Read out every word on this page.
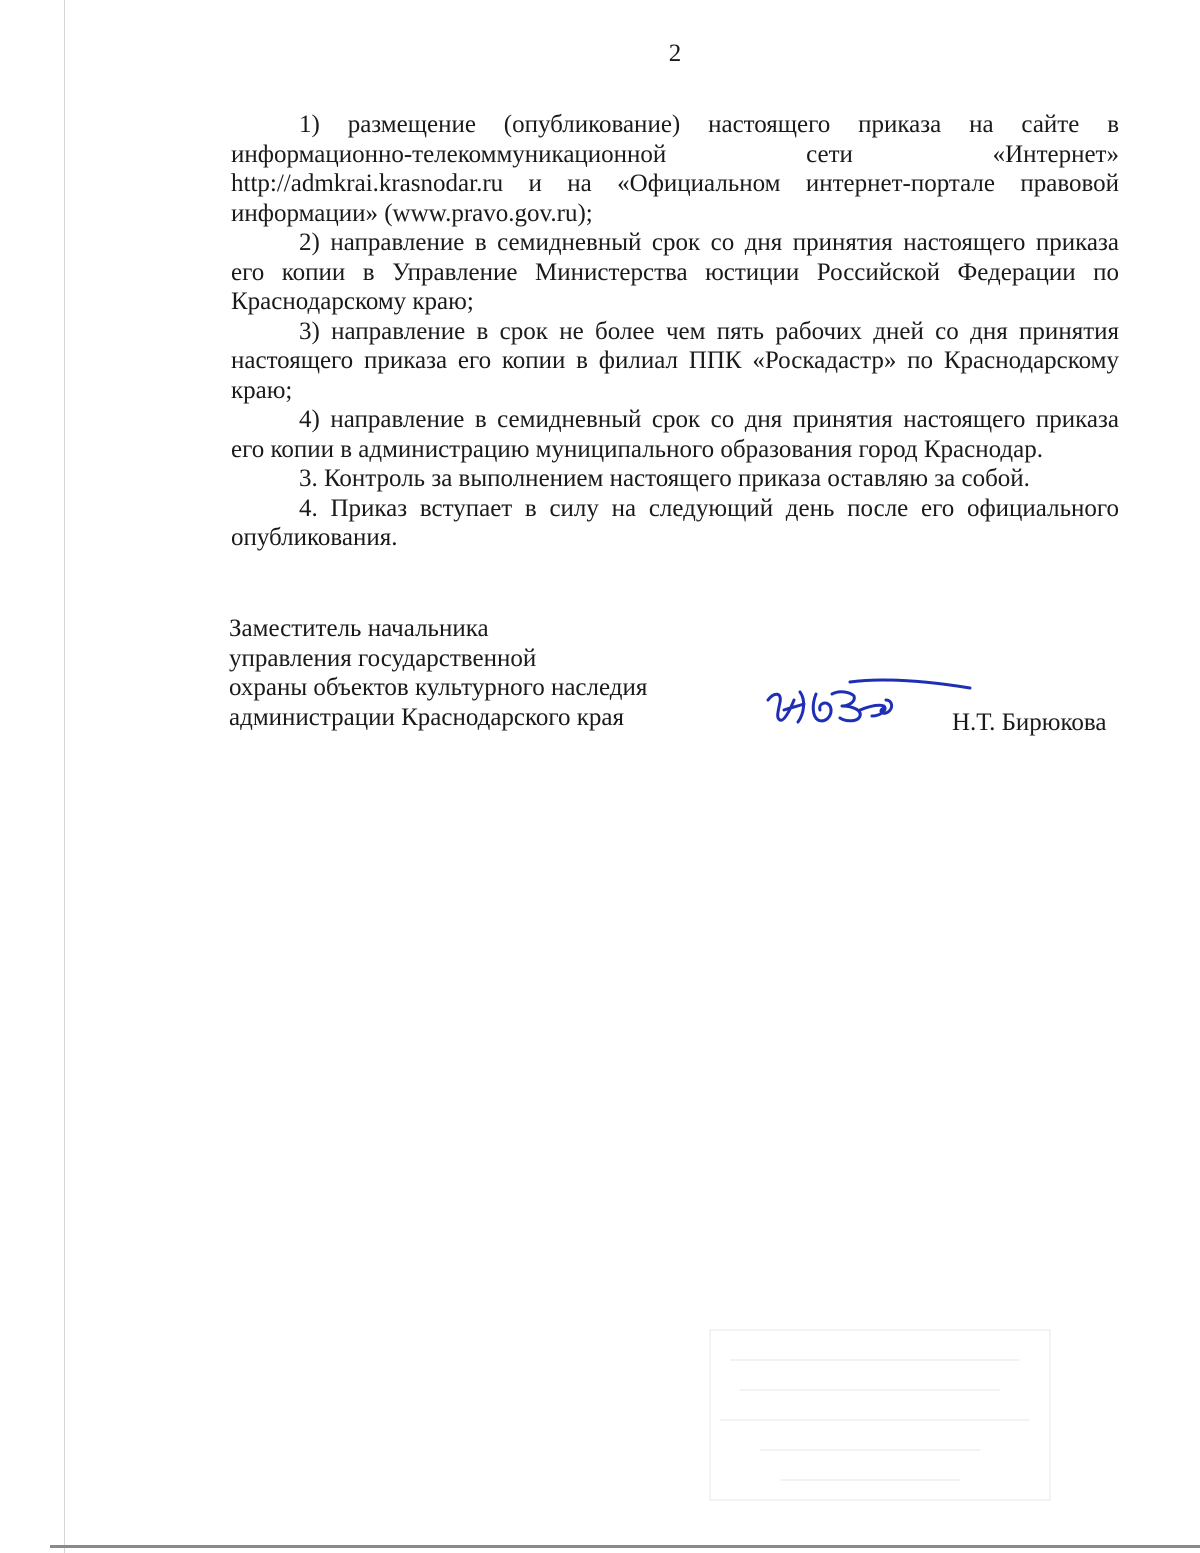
2

1) размещение (опубликование) настоящего приказа на сайте в информационно-телекоммуникационной сети «Интернет»

http://admkrai.krasnodar.ru и на «Официальном интернет-портале правовой информации» (www.pravo.gov.ru);

2) направление в семидневный срок со дня принятия настоящего приказа его копии в Управление Министерства юстиции Российской Федерации по Краснодарскому краю;

3) направление в срок не более чем пять рабочих дней со дня принятия настоящего приказа его копии в филиал ППК «Роскадастр» по Краснодарскому краю;

4) направление в семидневный срок со дня принятия настоящего приказа его копии в администрацию муниципального образования город Краснодар.

3. Контроль за выполнением настоящего приказа оставляю за собой.

4. Приказ вступает в силу на следующий день после его официального опубликования.

Заместитель начальника
управления государственной
охраны объектов культурного наследия
администрации Краснодарского края	Н.Т. Бирюкова
